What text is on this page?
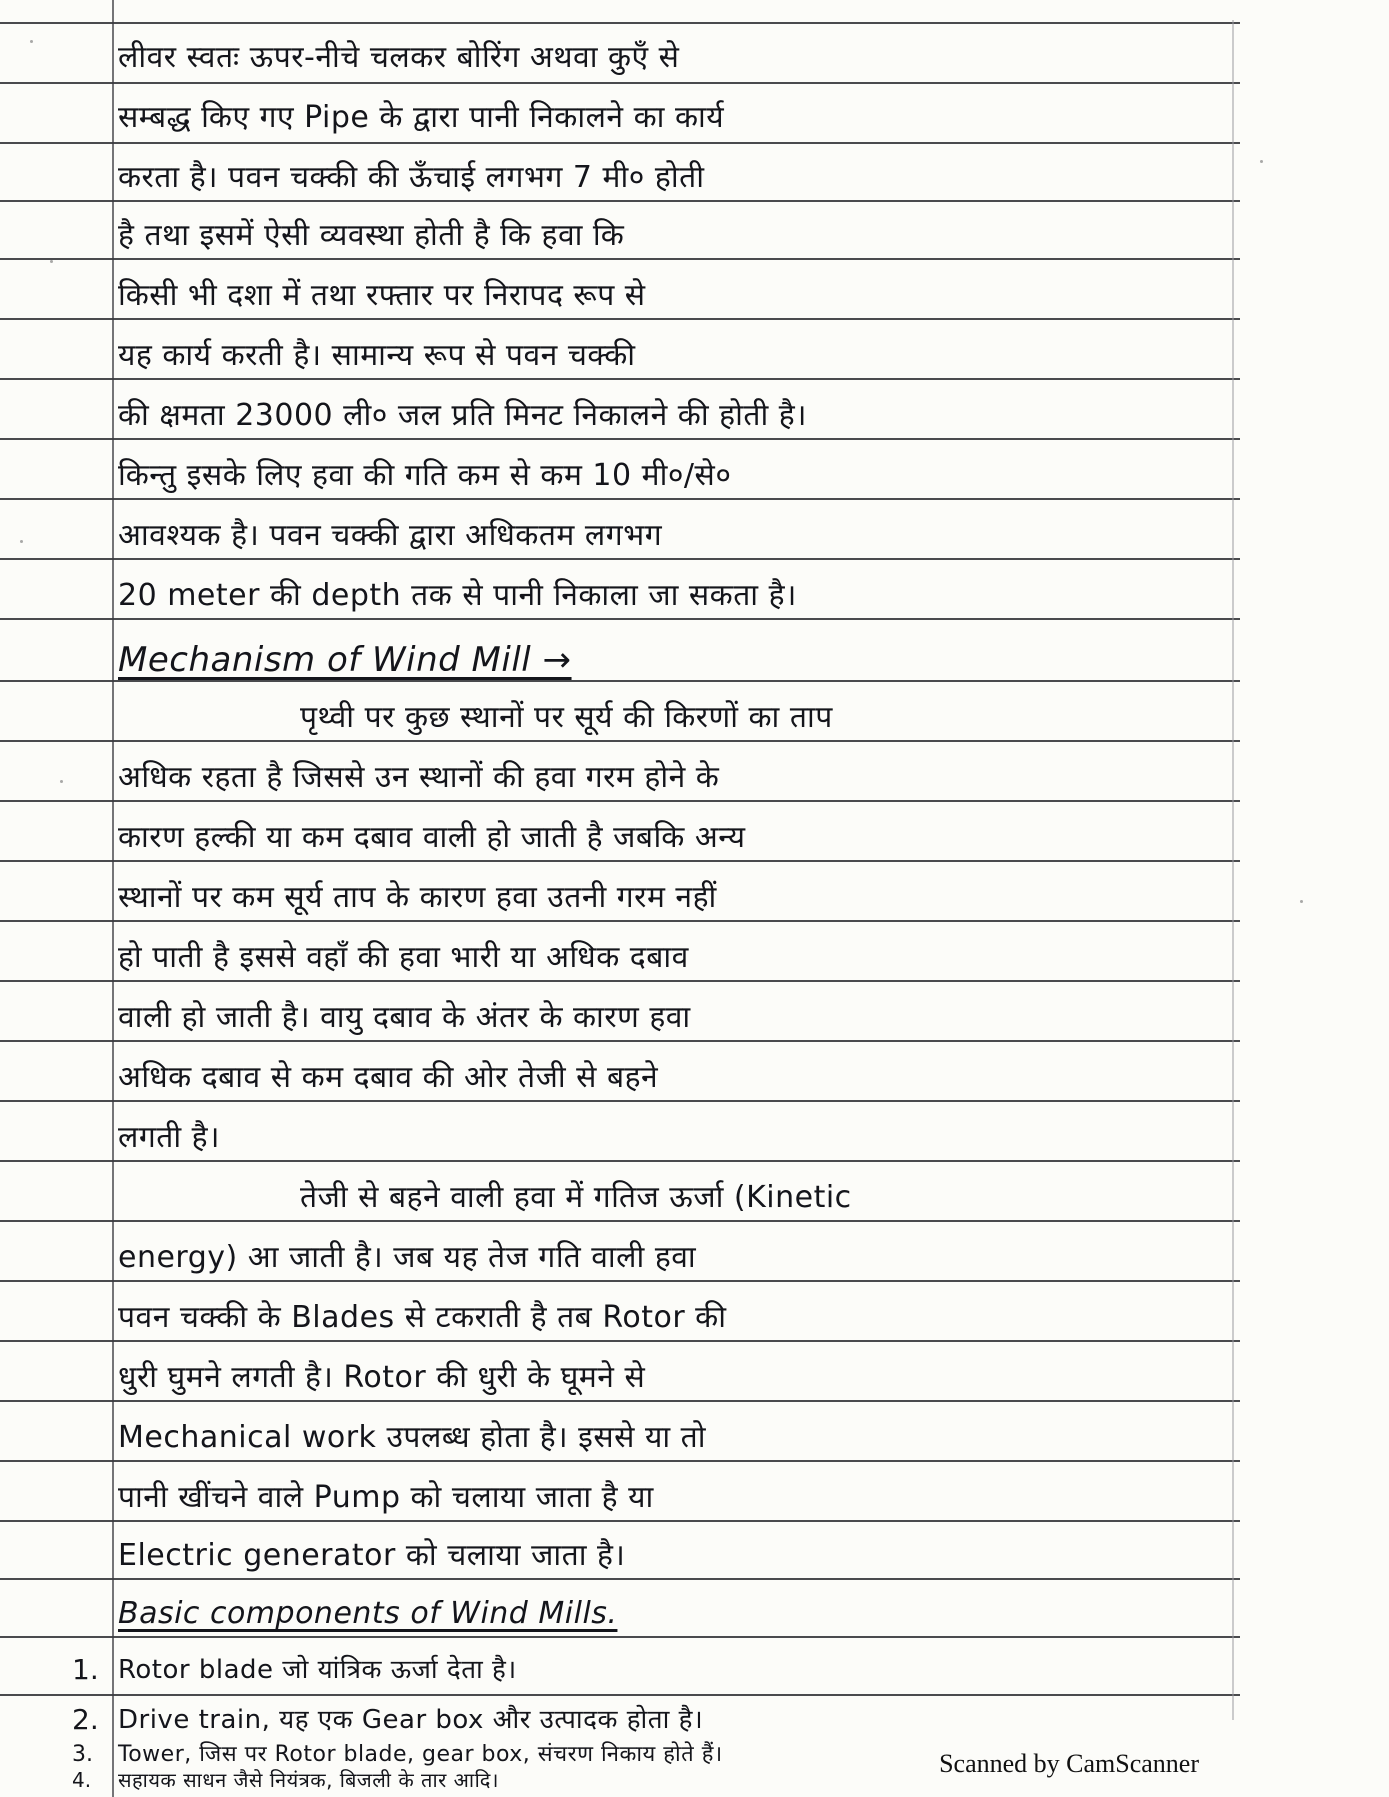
लीवर स्वतः ऊपर-नीचे चलकर बोरिंग अथवा कुएँ से
सम्बद्ध किए गए Pipe के द्वारा पानी निकालने का कार्य
करता है। पवन चक्की की ऊँचाई लगभग 7 मी० होती
है तथा इसमें ऐसी व्यवस्था होती है कि हवा कि
किसी भी दशा में तथा रफ्तार पर निरापद रूप से
यह कार्य करती है। सामान्य रूप से पवन चक्की
की क्षमता 23000 ली० जल प्रति मिनट निकालने की होती है।
किन्तु इसके लिए हवा की गति कम से कम 10 मी०/से०
आवश्यक है। पवन चक्की द्वारा अधिकतम लगभग
20 meter की depth तक से पानी निकाला जा सकता है।
Mechanism of Wind Mill →
पृथ्वी पर कुछ स्थानों पर सूर्य की किरणों का ताप
अधिक रहता है जिससे उन स्थानों की हवा गरम होने के
कारण हल्की या कम दबाव वाली हो जाती है जबकि अन्य
स्थानों पर कम सूर्य ताप के कारण हवा उतनी गरम नहीं
हो पाती है इससे वहाँ की हवा भारी या अधिक दबाव
वाली हो जाती है। वायु दबाव के अंतर के कारण हवा
अधिक दबाव से कम दबाव की ओर तेजी से बहने
लगती है।
तेजी से बहने वाली हवा में गतिज ऊर्जा (Kinetic
energy) आ जाती है। जब यह तेज गति वाली हवा
पवन चक्की के Blades से टकराती है तब Rotor की
धुरी घुमने लगती है। Rotor की धुरी के घूमने से
Mechanical work उपलब्ध होता है। इससे या तो
पानी खींचने वाले Pump को चलाया जाता है या
Electric generator को चलाया जाता है।
Basic components of Wind Mills.
1. Rotor blade जो यांत्रिक ऊर्जा देता है।
2. Drive train, यह एक Gear box और उत्पादक होता है।
3. Tower, जिस पर Rotor blade, gear box, संचरण निकाय होते हैं।
4. सहायक साधन जैसे नियंत्रक, बिजली के तार आदि।
Scanned by CamScanner
